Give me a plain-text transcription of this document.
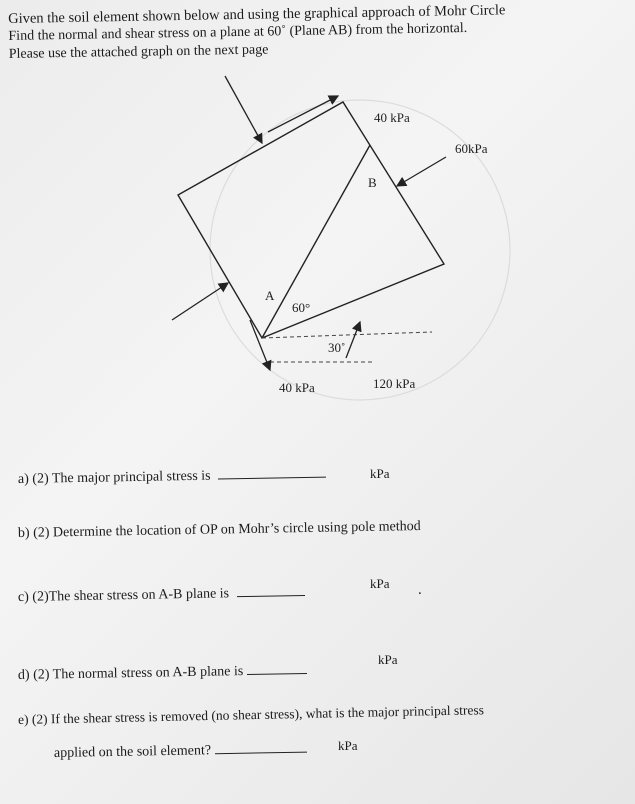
Given the soil element shown below and using the graphical approach of Mohr Circle
Find the normal and shear stress on a plane at 60˚ (Plane AB) from the horizontal.
Please use the attached graph on the next page
40 kPa
60kPa
B
A
60°
30˚
40 kPa	120 kPa
a) (2) The major principal stress is	kPa
b) (2) Determine the location of OP on Mohr’s circle using pole method
c) (2)The shear stress on A-B plane is
kPa .
d) (2) The normal stress on A-B plane is
kPa
e) (2) If the shear stress is removed (no shear stress), what is the major principal stress
applied on the soil element?	kPa
